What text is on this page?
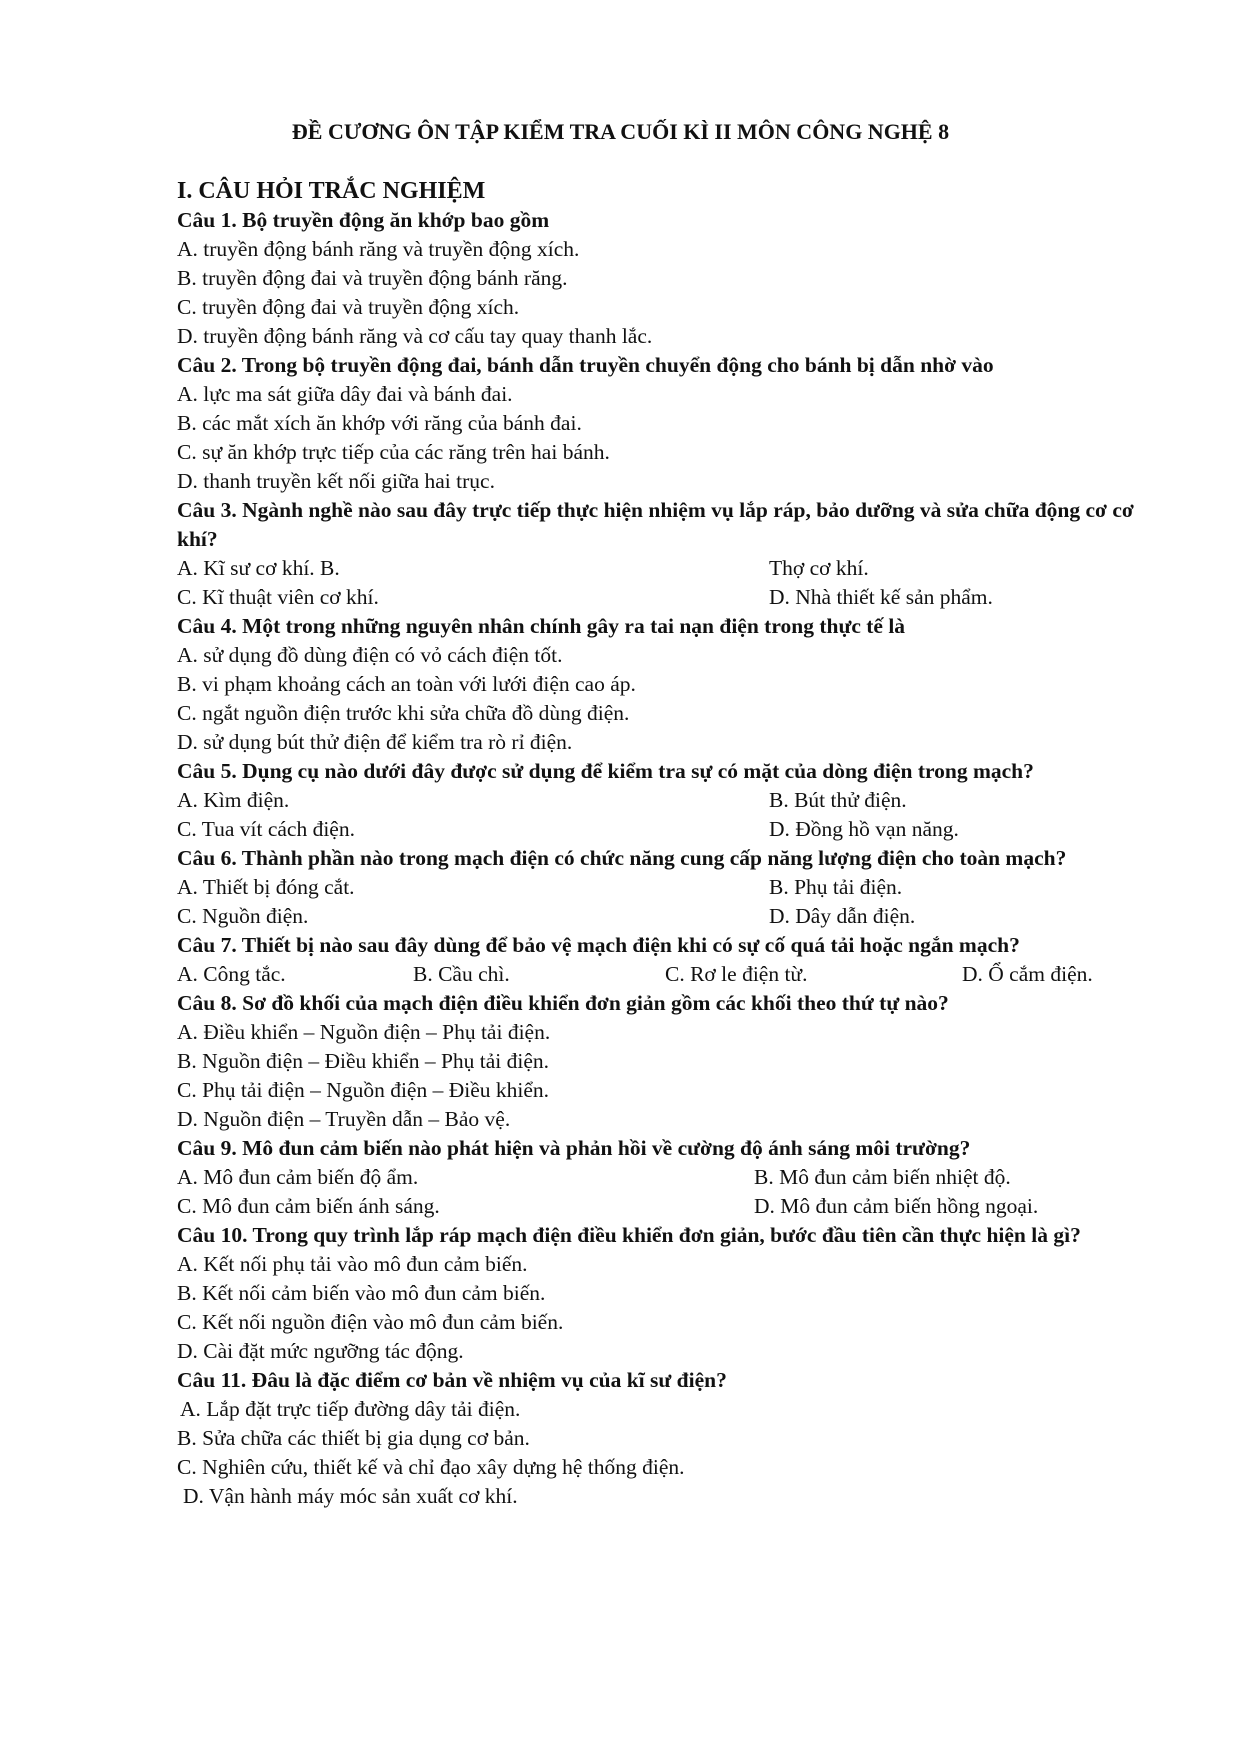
ĐỀ CƯƠNG ÔN TẬP KIỂM TRA CUỐI KÌ II MÔN CÔNG NGHỆ 8
I. CÂU HỎI TRẮC NGHIỆM
Câu 1. Bộ truyền động ăn khớp bao gồm
A. truyền động bánh răng và truyền động xích.
B. truyền động đai và truyền động bánh răng.
C. truyền động đai và truyền động xích.
D. truyền động bánh răng và cơ cấu tay quay thanh lắc.
Câu 2. Trong bộ truyền động đai, bánh dẫn truyền chuyển động cho bánh bị dẫn nhờ vào
A. lực ma sát giữa dây đai và bánh đai.
B. các mắt xích ăn khớp với răng của bánh đai.
C. sự ăn khớp trực tiếp của các răng trên hai bánh.
D. thanh truyền kết nối giữa hai trục.
Câu 3. Ngành nghề nào sau đây trực tiếp thực hiện nhiệm vụ lắp ráp, bảo dưỡng và sửa chữa động cơ cơ khí?
A. Kĩ sư cơ khí. B.	Thợ cơ khí.
C. Kĩ thuật viên cơ khí.	D. Nhà thiết kế sản phẩm.
Câu 4. Một trong những nguyên nhân chính gây ra tai nạn điện trong thực tế là
A. sử dụng đồ dùng điện có vỏ cách điện tốt.
B. vi phạm khoảng cách an toàn với lưới điện cao áp.
C. ngắt nguồn điện trước khi sửa chữa đồ dùng điện.
D. sử dụng bút thử điện để kiểm tra rò rỉ điện.
Câu 5. Dụng cụ nào dưới đây được sử dụng để kiểm tra sự có mặt của dòng điện trong mạch?
A. Kìm điện.	B. Bút thử điện.
C. Tua vít cách điện.	D. Đồng hồ vạn năng.
Câu 6. Thành phần nào trong mạch điện có chức năng cung cấp năng lượng điện cho toàn mạch?
A. Thiết bị đóng cắt.	B. Phụ tải điện.
C. Nguồn điện.	D. Dây dẫn điện.
Câu 7. Thiết bị nào sau đây dùng để bảo vệ mạch điện khi có sự cố quá tải hoặc ngắn mạch?
A. Công tắc.	B. Cầu chì.	C. Rơ le điện từ.	D. Ổ cắm điện.
Câu 8. Sơ đồ khối của mạch điện điều khiển đơn giản gồm các khối theo thứ tự nào?
A. Điều khiển – Nguồn điện – Phụ tải điện.
B. Nguồn điện – Điều khiển – Phụ tải điện.
C. Phụ tải điện – Nguồn điện – Điều khiển.
D. Nguồn điện – Truyền dẫn – Bảo vệ.
Câu 9. Mô đun cảm biến nào phát hiện và phản hồi về cường độ ánh sáng môi trường?
A. Mô đun cảm biến độ ẩm.	B. Mô đun cảm biến nhiệt độ.
C. Mô đun cảm biến ánh sáng.	D. Mô đun cảm biến hồng ngoại.
Câu 10. Trong quy trình lắp ráp mạch điện điều khiển đơn giản, bước đầu tiên cần thực hiện là gì?
A. Kết nối phụ tải vào mô đun cảm biến.
B. Kết nối cảm biến vào mô đun cảm biến.
C. Kết nối nguồn điện vào mô đun cảm biến.
D. Cài đặt mức ngưỡng tác động.
Câu 11. Đâu là đặc điểm cơ bản về nhiệm vụ của kĩ sư điện?
A. Lắp đặt trực tiếp đường dây tải điện.
B. Sửa chữa các thiết bị gia dụng cơ bản.
C. Nghiên cứu, thiết kế và chỉ đạo xây dựng hệ thống điện.
D. Vận hành máy móc sản xuất cơ khí.
